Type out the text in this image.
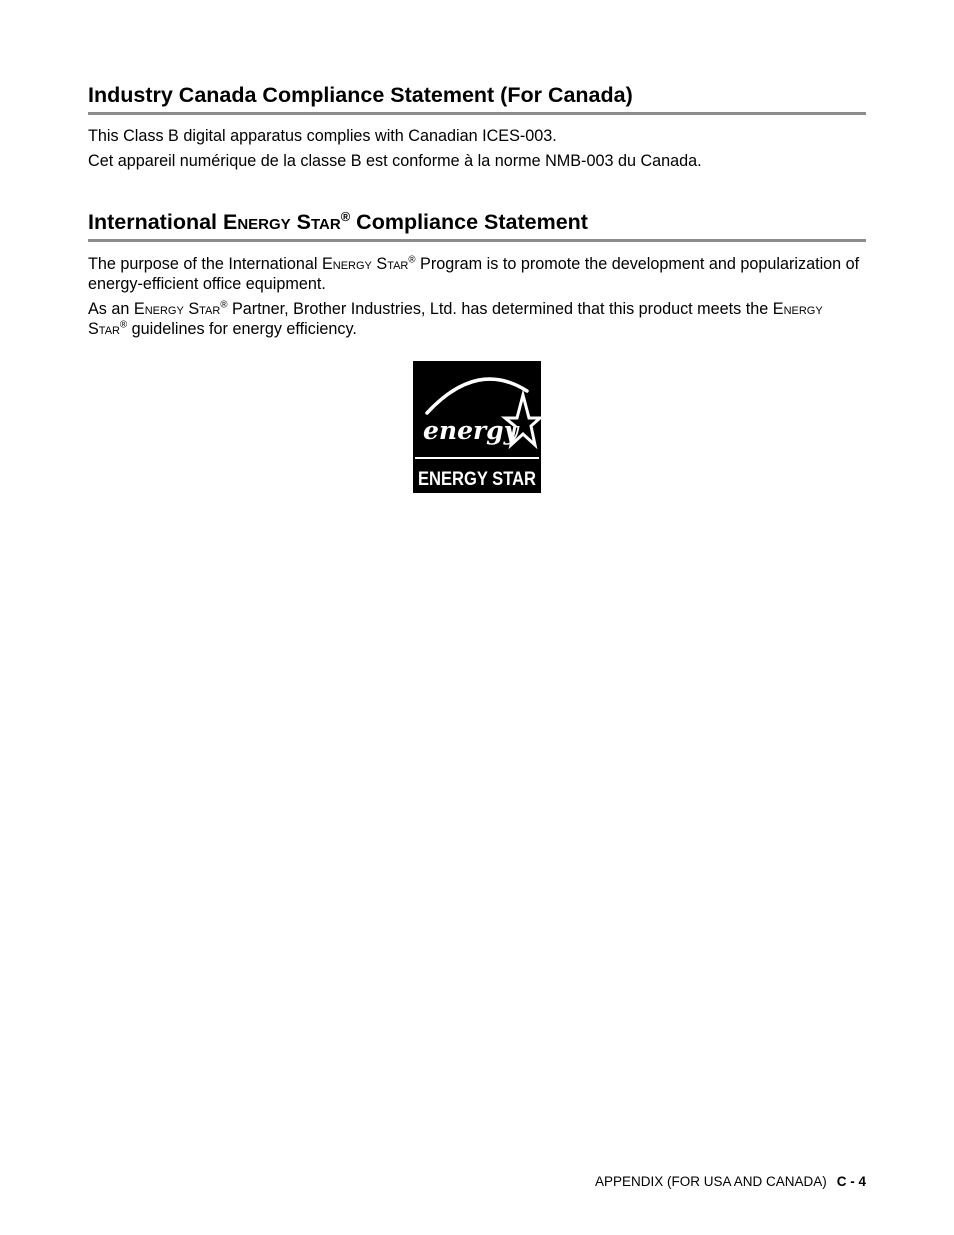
Industry Canada Compliance Statement (For Canada)

This Class B digital apparatus complies with Canadian ICES-003.

Cet appareil numérique de la classe B est conforme à la norme NMB-003 du Canada.

International Energy Star® Compliance Statement

The purpose of the International Energy Star® Program is to promote the development and popularization of energy-efficient office equipment.

As an Energy Star® Partner, Brother Industries, Ltd. has determined that this product meets the Energy Star® guidelines for energy efficiency.

energy
ENERGY STAR
APPENDIX (FOR USA AND CANADA) C - 4
